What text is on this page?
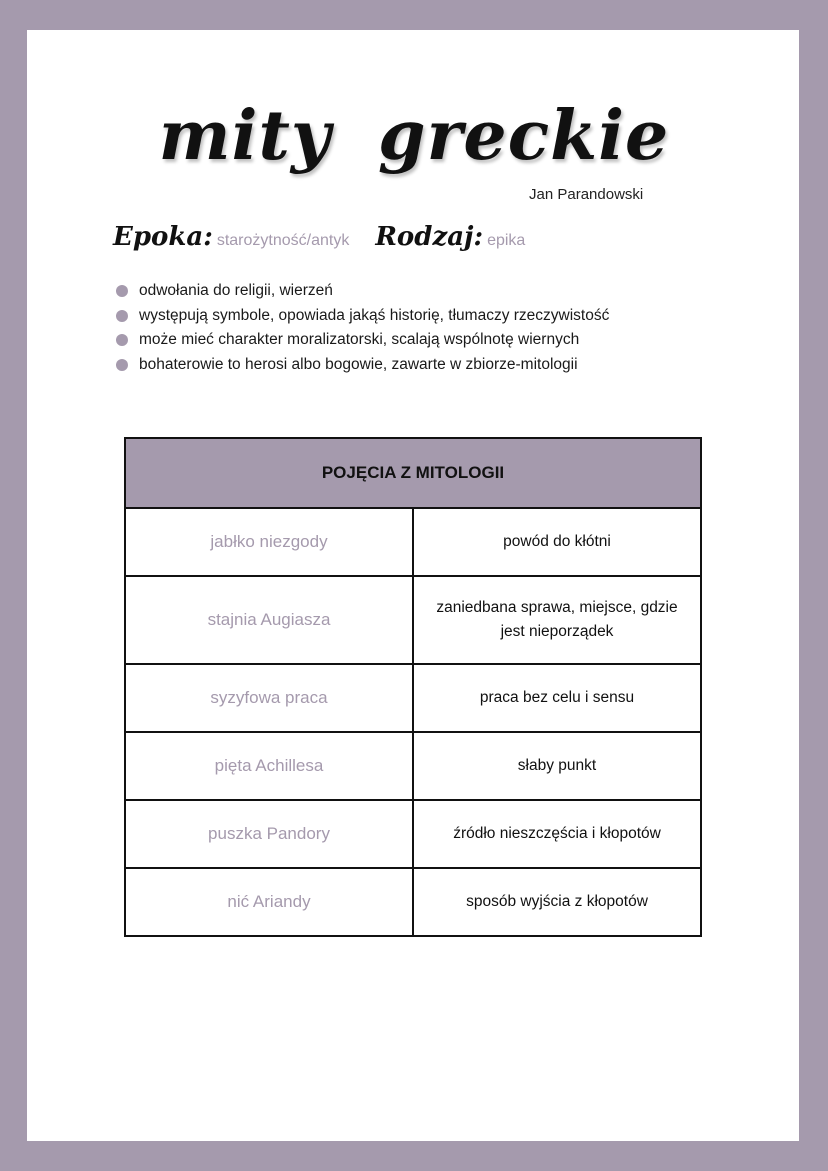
mity greckie
Jan Parandowski
Epoka: starożytność/antyk Rodzaj: epika
odwołania do religii, wierzeń
występują symbole, opowiada jakąś historię, tłumaczy rzeczywistość
może mieć charakter moralizatorski, scalają wspólnotę wiernych
bohaterowie to herosi albo bogowie, zawarte w zbiorze-mitologii
POJĘCIA Z MITOLOGII	
jabłko niezgody	powód do kłótni
stajnia Augiasza	zaniedbana sprawa, miejsce, gdzie jest nieporządek
syzyfowa praca	praca bez celu i sensu
pięta Achillesa	słaby punkt
puszka Pandory	źródło nieszczęścia i kłopotów
nić Ariandy	sposób wyjścia z kłopotów
